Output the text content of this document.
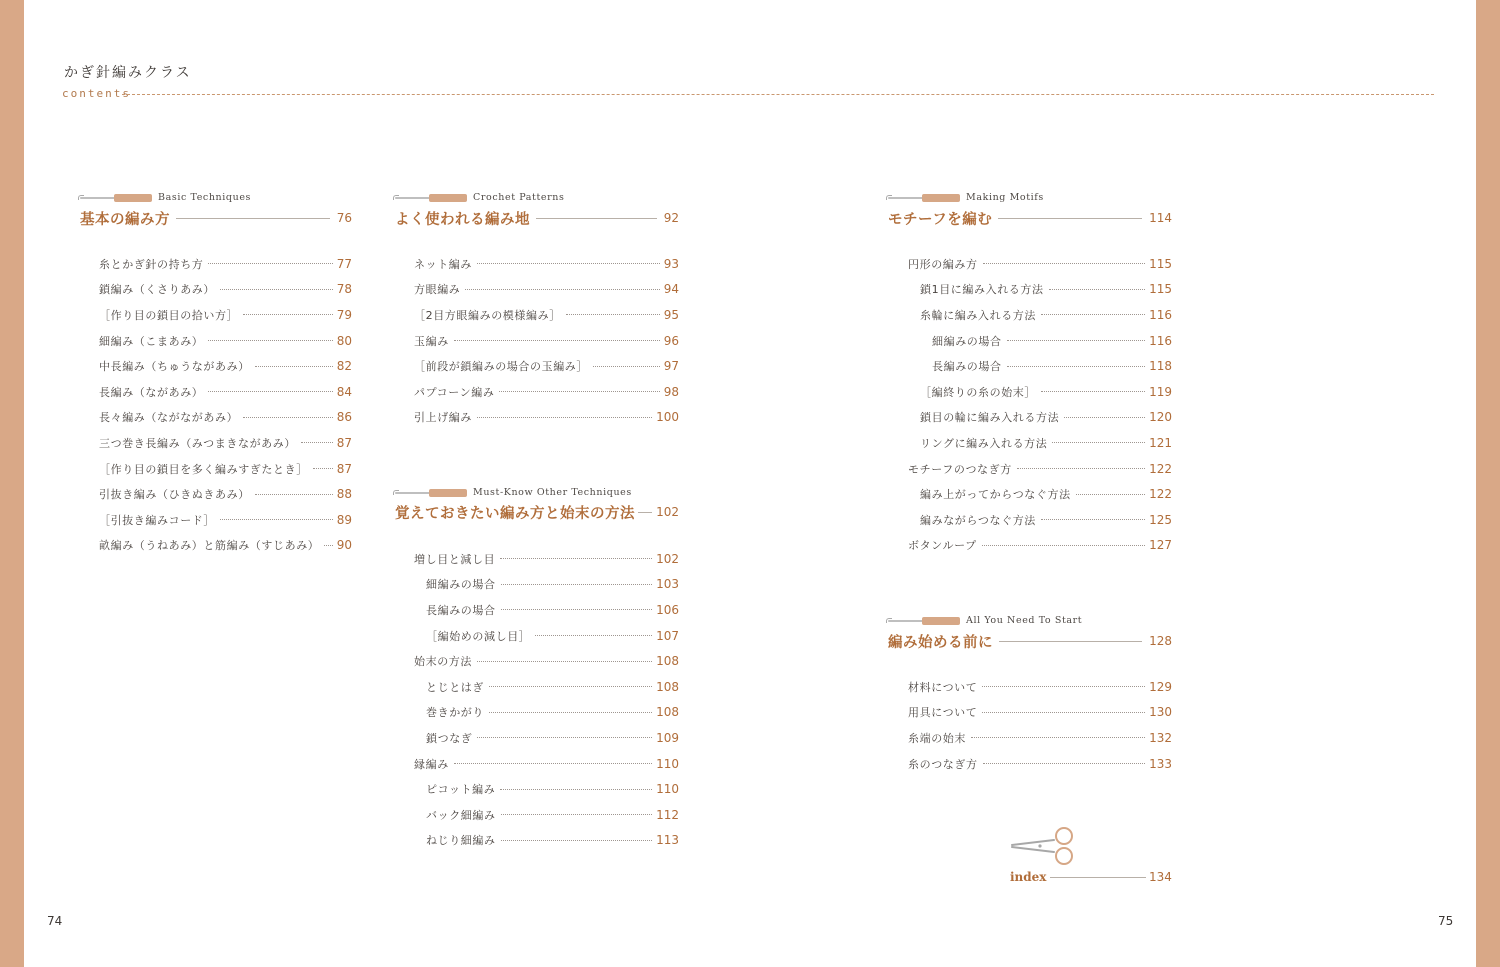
かぎ針編みクラス
contents
Basic Techniques
基本の編み方	76
糸とかぎ針の持ち方	77
鎖編み（くさりあみ）	78
［作り目の鎖目の拾い方］	79
細編み（こまあみ）	80
中長編み（ちゅうながあみ）	82
長編み（ながあみ）	84
長々編み（ながながあみ）	86
三つ巻き長編み（みつまきながあみ）	87
［作り目の鎖目を多く編みすぎたとき］ 87
引抜き編み（ひきぬきあみ）	88
［引抜き編みコード］	89
畝編み（うねあみ）と筋編み（すじあみ） 90
Crochet Patterns
よく使われる編み地	92
ネット編み	93
方眼編み	94
［2目方眼編みの模様編み］	95
玉編み	96
［前段が鎖編みの場合の玉編み］	97
パプコーン編み	98
引上げ編み	100
Must-Know Other Techniques
覚えておきたい編み方と始末の方法 102
増し目と減し目	102
細編みの場合	103
長編みの場合	106
［編始めの減し目］	107
始末の方法	108
とじとはぎ	108
巻きかがり	108
鎖つなぎ	109
縁編み	110
ピコット編み	110
バック細編み	112
ねじり細編み	113
Making Motifs
モチーフを編む	114
円形の編み方	115
鎖1目に編み入れる方法	115
糸輪に編み入れる方法	116
細編みの場合	116
長編みの場合	118
［編終りの糸の始末］	119
鎖目の輪に編み入れる方法	120
リングに編み入れる方法	121
モチーフのつなぎ方	122
編み上がってからつなぐ方法	122
編みながらつなぐ方法	125
ボタンループ	127
All You Need To Start
編み始める前に	128
材料について	129
用具について	130
糸端の始末	132
糸のつなぎ方	133
index	134
74	75
